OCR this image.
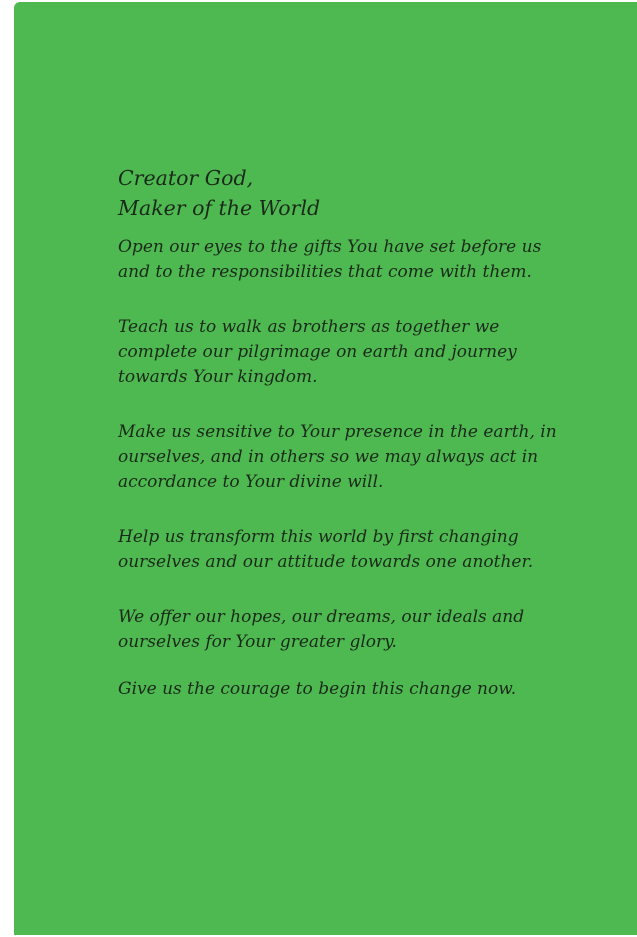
Creator God,
Maker of the World

Open our eyes to the gifts You have set before us and to the responsibilities that come with them.

Teach us to walk as brothers as together we complete our pilgrimage on earth and journey towards Your kingdom.

Make us sensitive to Your presence in the earth, in ourselves, and in others so we may always act in accordance to Your divine will.

Help us transform this world by first changing ourselves and our attitude towards one another.

We offer our hopes, our dreams, our ideals and ourselves for Your greater glory.

Give us the courage to begin this change now.
